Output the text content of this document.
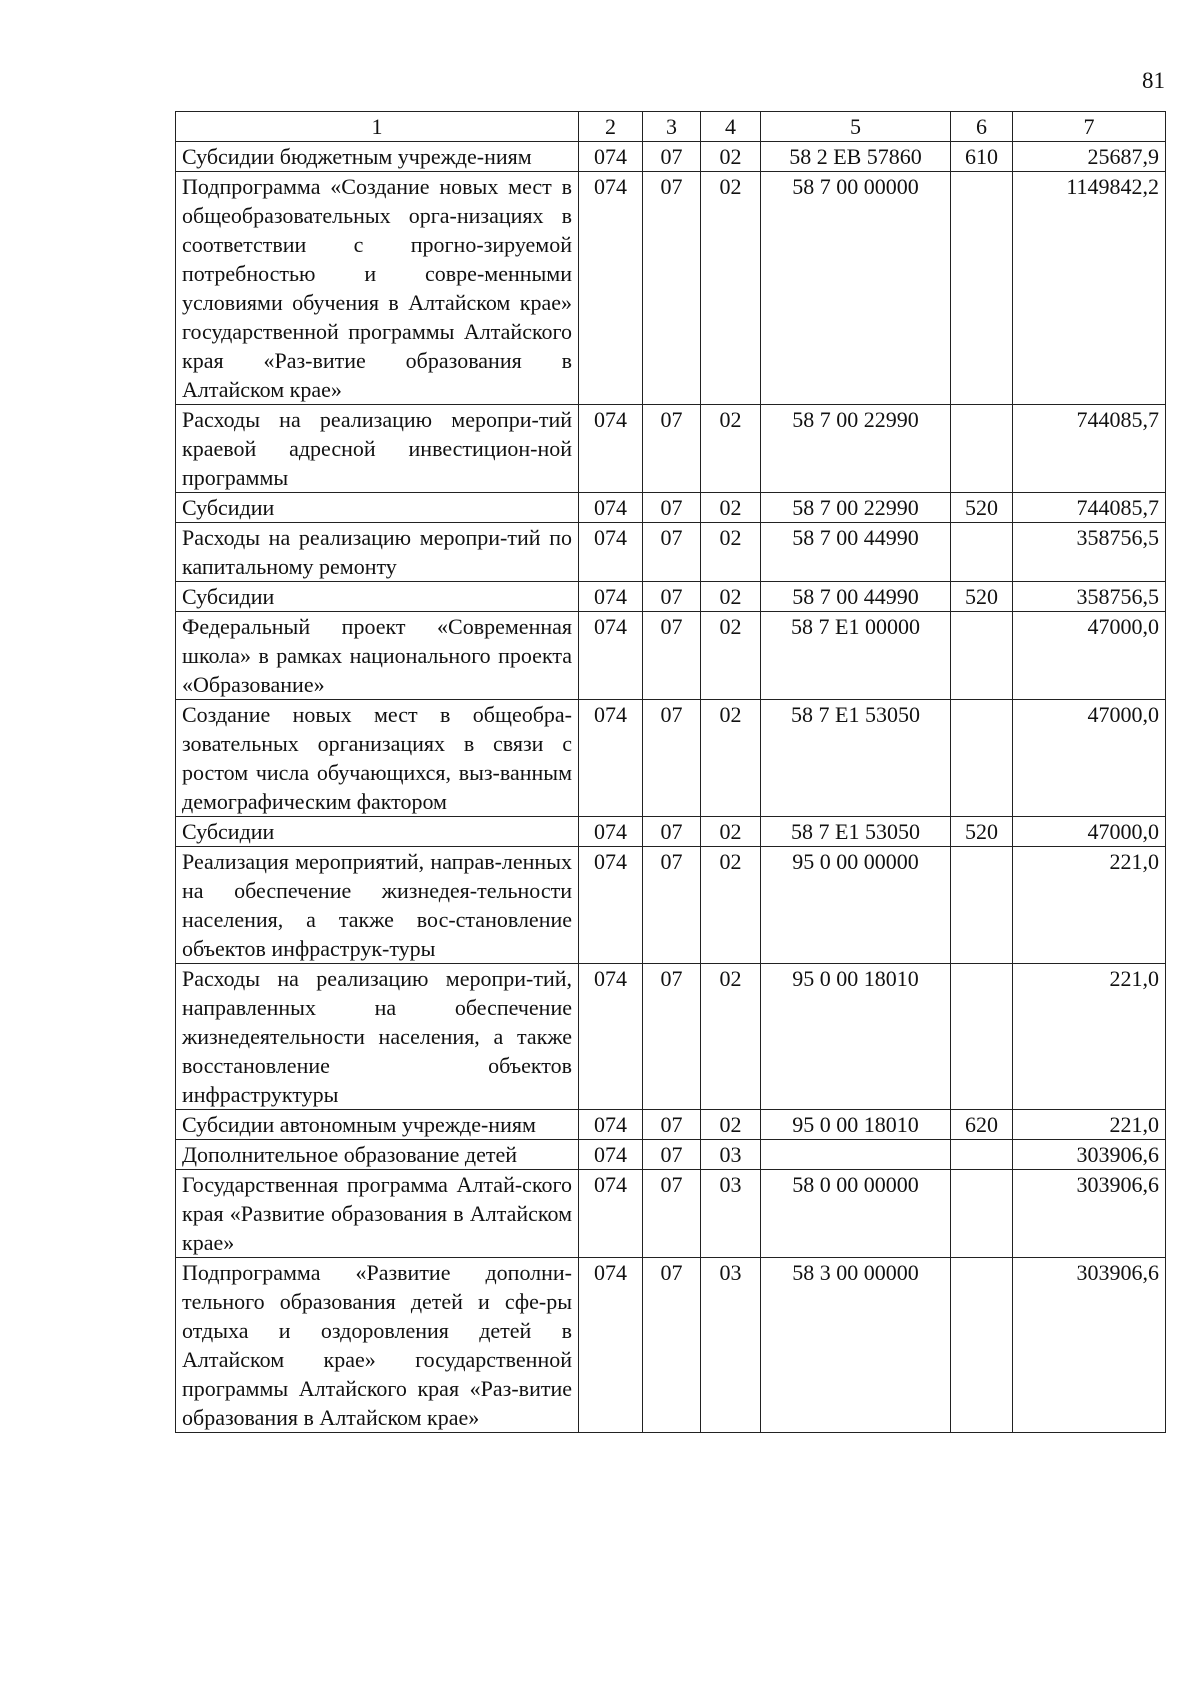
81
1	2	3	4	5	6	7
Субсидии бюджетным учрежде-ниям	074	07	02	58 2 ЕВ 57860	610	25687,9
Подпрограмма «Создание новых мест в общеобразовательных орга-низациях в соответствии с прогно-зируемой потребностью и совре-менными условиями обучения в Алтайском крае» государственной программы Алтайского края «Раз-витие образования в Алтайском крае»	074	07	02	58 7 00 00000		1149842,2
Расходы на реализацию меропри-тий краевой адресной инвестицион-ной программы	074	07	02	58 7 00 22990		744085,7
Субсидии	074	07	02	58 7 00 22990	520	744085,7
Расходы на реализацию меропри-тий по капитальному ремонту	074	07	02	58 7 00 44990		358756,5
Субсидии	074	07	02	58 7 00 44990	520	358756,5
Федеральный проект «Современная школа» в рамках национального проекта «Образование»	074	07	02	58 7 E1 00000		47000,0
Создание новых мест в общеобра-зовательных организациях в связи с ростом числа обучающихся, выз-ванным демографическим фактором	074	07	02	58 7 E1 53050		47000,0
Субсидии	074	07	02	58 7 E1 53050	520	47000,0
Реализация мероприятий, направ-ленных на обеспечение жизнедея-тельности населения, а также вос-становление объектов инфраструк-туры	074	07	02	95 0 00 00000		221,0
Расходы на реализацию меропри-тий, направленных на обеспечение жизнедеятельности населения, а также восстановление объектов инфраструктуры	074	07	02	95 0 00 18010		221,0
Субсидии автономным учрежде-ниям	074	07	02	95 0 00 18010	620	221,0
Дополнительное образование детей	074	07	03			303906,6
Государственная программа Алтай-ского края «Развитие образования в Алтайском крае»	074	07	03	58 0 00 00000		303906,6
Подпрограмма «Развитие дополни-тельного образования детей и сфе-ры отдыха и оздоровления детей в Алтайском крае» государственной программы Алтайского края «Раз-витие образования в Алтайском крае»	074	07	03	58 3 00 00000		303906,6
